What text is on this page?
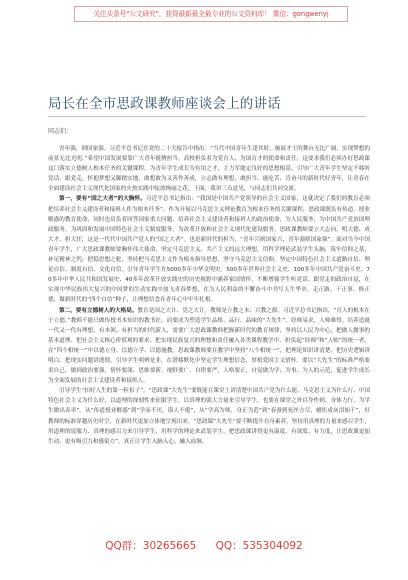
关注头条号"公文研究"，获得最新最全最专业的公文资料库！ 微信：gongwenyj
局长在全市思政课教师座谈会上的讲话
同志们：

青年强，则国家强。习近平总书记在党的二十大报告中指出：“当代中国青年生逢其时，施展才干的舞台无比广阔，实现梦想的前景无比光明。”希望中国发展要靠广大青年挺膺担当。高校担负着为党育人、为国育才的使命和责任，这要求我们必须办好思政课这门落实立德树人根本任务的关键课程，为青年学生成长为有用之才，主力军能定良好的思想根基，引导广大青年学生坚定不移听党话、跟党走，怀抱梦想又脚踏实地，敢想敢为又善作善成，立志做有理想、敢担当、能吃苦、肯奋斗的新时代好青年，让青春在全面建设社会主义现代化国家的火热实践中绽放绚丽之花。下面，我讲三点意见，与同志们共同交流。

第一，要有“国之大者”的大胸怀。习近平总书记指出：“我国是中国共产党领导的社会主义国家，这就决定了我们的教育必须把培养社会主义建设者和接班人作为根本任务”。作为开展以马克思主义理论教育为根本任务的关键课程，思政课既负有传道、授业解惑的教育使命，同时也肩负着回答国家重大问题、培养社会主义建设者和接班人的政治使命，为人民服务，为中国共产党治国理政服务，为巩固和发展中国特色社会主义制度服务，为改革开放和社会主义现代化建设服务。思政课教师要立大志向、明大德、成大才、担大任，这是一代代中国共产党人的“国之大者”。也是新时代的担当，“青年兴则国家兴，青年强则国家强”。面对当今中国青年学生，广大思政课教师要胸怀伟大使命，坚定马克思主义、共产主义的远大理想，用科学理论武装学生头脑，筑牢信仰之基，补足精神之钙，把稳思想之舵，坚持把马克思主义作为根本指导思想，坚守马克思主义信仰，坚定中国特色社会主义道路自信、理论自信、制度自信、文化自信。引导青年学生在5000多年中华文明史、500多年世界社会主义史、100多年中国共产党奋斗史、70多年中华人民共和国发展史、40多年改革开放实践史的历史视野中涵养家国情怀，不断增强学生听党话、跟党走的政治自觉，在实现中华民族伟大复兴的中国梦的生动实践中放飞青春梦想，在为人民利益的不懈奋斗中书写人生华章，走正路、干正事、修正德，做新时代的“四个自信”种子，让理想信念在青年心中牢牢扎根。

第二，要有立德树人的大格局。教育是国之大计、党之大计。教师是立教之本、兴教之源。习近平总书记指出，“育人的根本在于立德。”教师不能只做传授书本知识的教书匠，而要成为塑造学生品格、品行、品味的“大先生”。经师易求，人师难得。培养造就一代又一代有理想、有本领、有担当的时代新人，需要广大思政课教师把握新时代的教育规律，坚持以人民为中心，把做人做事的基本道理、把社会主义核心价值观的要求、把实现民族复兴的理想和责任融入各类课程教学中，担负起“经师”和“人师”的统一者，在“四个相统一”中以德立身、以德立学、以德施教。思政课教师要在教学中坚持“八个相统一”，把理论知识讲清楚、把历史逻辑讲明白、把现实问题讲透彻，引导学生明辨是非，在潜移默化中坚定学生理想信念，厚植爱国主义情怀。要以“大先生”的标准严格要求自己，做到政治要强、情怀要深、思维要新、视野要广、自律要严、人格要正，自觉做为学、为事、为人的示范，促进学生成长为全面发展的社会主义建设者和接班人。

引导学生“扣好人生的第一粒扣子”。“思政课”大先生“要既能在课堂上讲清楚中国共产党为什么能、马克思主义为什么行、中国特色社会主义为什么好，以道理的深刻性来征服学生，以真理的强大力量来引导学生，也要在课堂之外以身作则、身体力行，为学生做出表率”。从“传道授业解惑”到“学而不厌，诲人不倦”，从“学高为师，身正为范”到“春蚕到死丝方尽，蜡炬成灰泪始干”，好教师的标准穿越历史时空，在新时代更加立体地呈现出来。“思政课”大先生“要不断提升自身素养，坚持用真理的力量来感召学生，用道理的说服力、真理的感召力来引导学生，用科学的理论来武装学生，把思政课讲得更有温度、有深度、有力度，让思政课更加生动、更有吸引力和感染力”，真正让学生入脑入心、融入血脉。

QQ群：30265665 QQ：535304092
